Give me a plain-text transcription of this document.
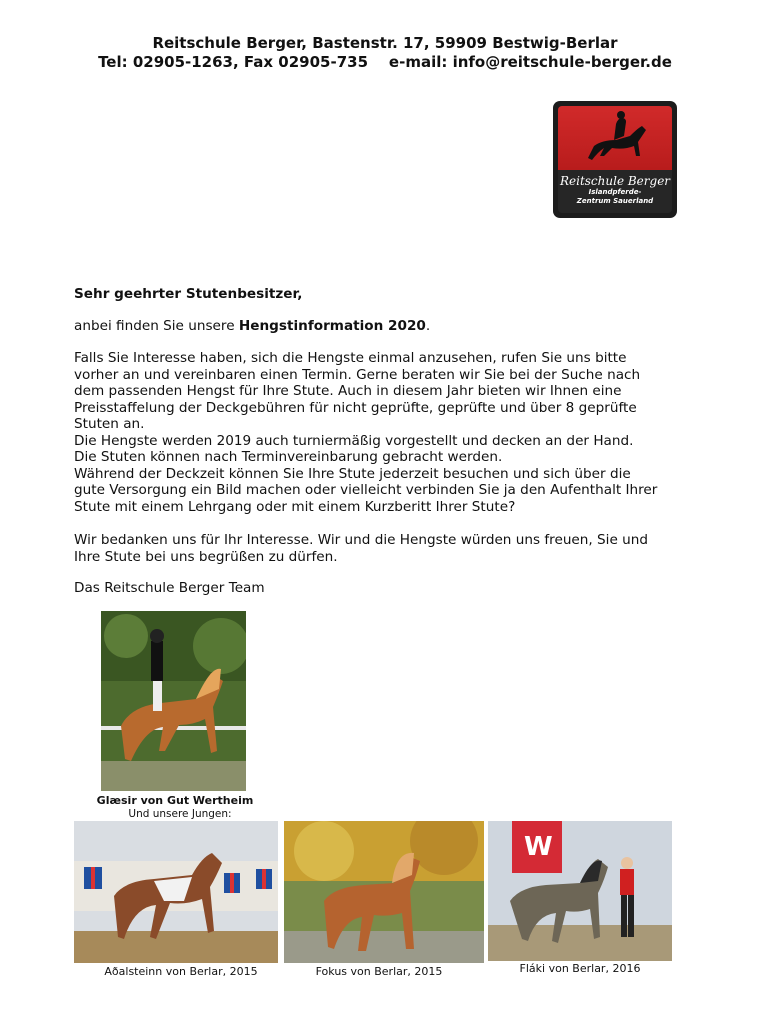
Reitschule Berger, Bastenstr. 17, 59909 Bestwig-Berlar
Tel: 02905-1263, Fax 02905-735    e-mail: info@reitschule-berger.de
Reitschule Berger
Islandpferde-
Zentrum Sauerland
Sehr geehrter Stutenbesitzer,
anbei finden Sie unsere Hengstinformation 2020.
Falls Sie Interesse haben, sich die Hengste einmal anzusehen, rufen Sie uns bitte
vorher an und vereinbaren einen Termin. Gerne beraten wir Sie bei der Suche nach
dem passenden Hengst für Ihre Stute. Auch in diesem Jahr bieten wir Ihnen eine
Preisstaffelung der Deckgebühren für nicht geprüfte, geprüfte und über 8 geprüfte
Stuten an.
Die Hengste werden 2019 auch turniermäßig vorgestellt und decken an der Hand.
Die Stuten können nach Terminvereinbarung gebracht werden.
Während der Deckzeit können Sie Ihre Stute jederzeit besuchen und sich über die
gute Versorgung ein Bild machen oder vielleicht verbinden Sie ja den Aufenthalt Ihrer
Stute mit einem Lehrgang oder mit einem Kurzberitt Ihrer Stute?
Wir bedanken uns für Ihr Interesse. Wir und die Hengste würden uns freuen, Sie und
Ihre Stute bei uns begrüßen zu dürfen.
Das Reitschule Berger Team
Glæsir von Gut Wertheim
Und unsere Jungen:
Aðalsteinn von Berlar, 2015	Fokus von Berlar, 2015
W
Fláki von Berlar, 2016
